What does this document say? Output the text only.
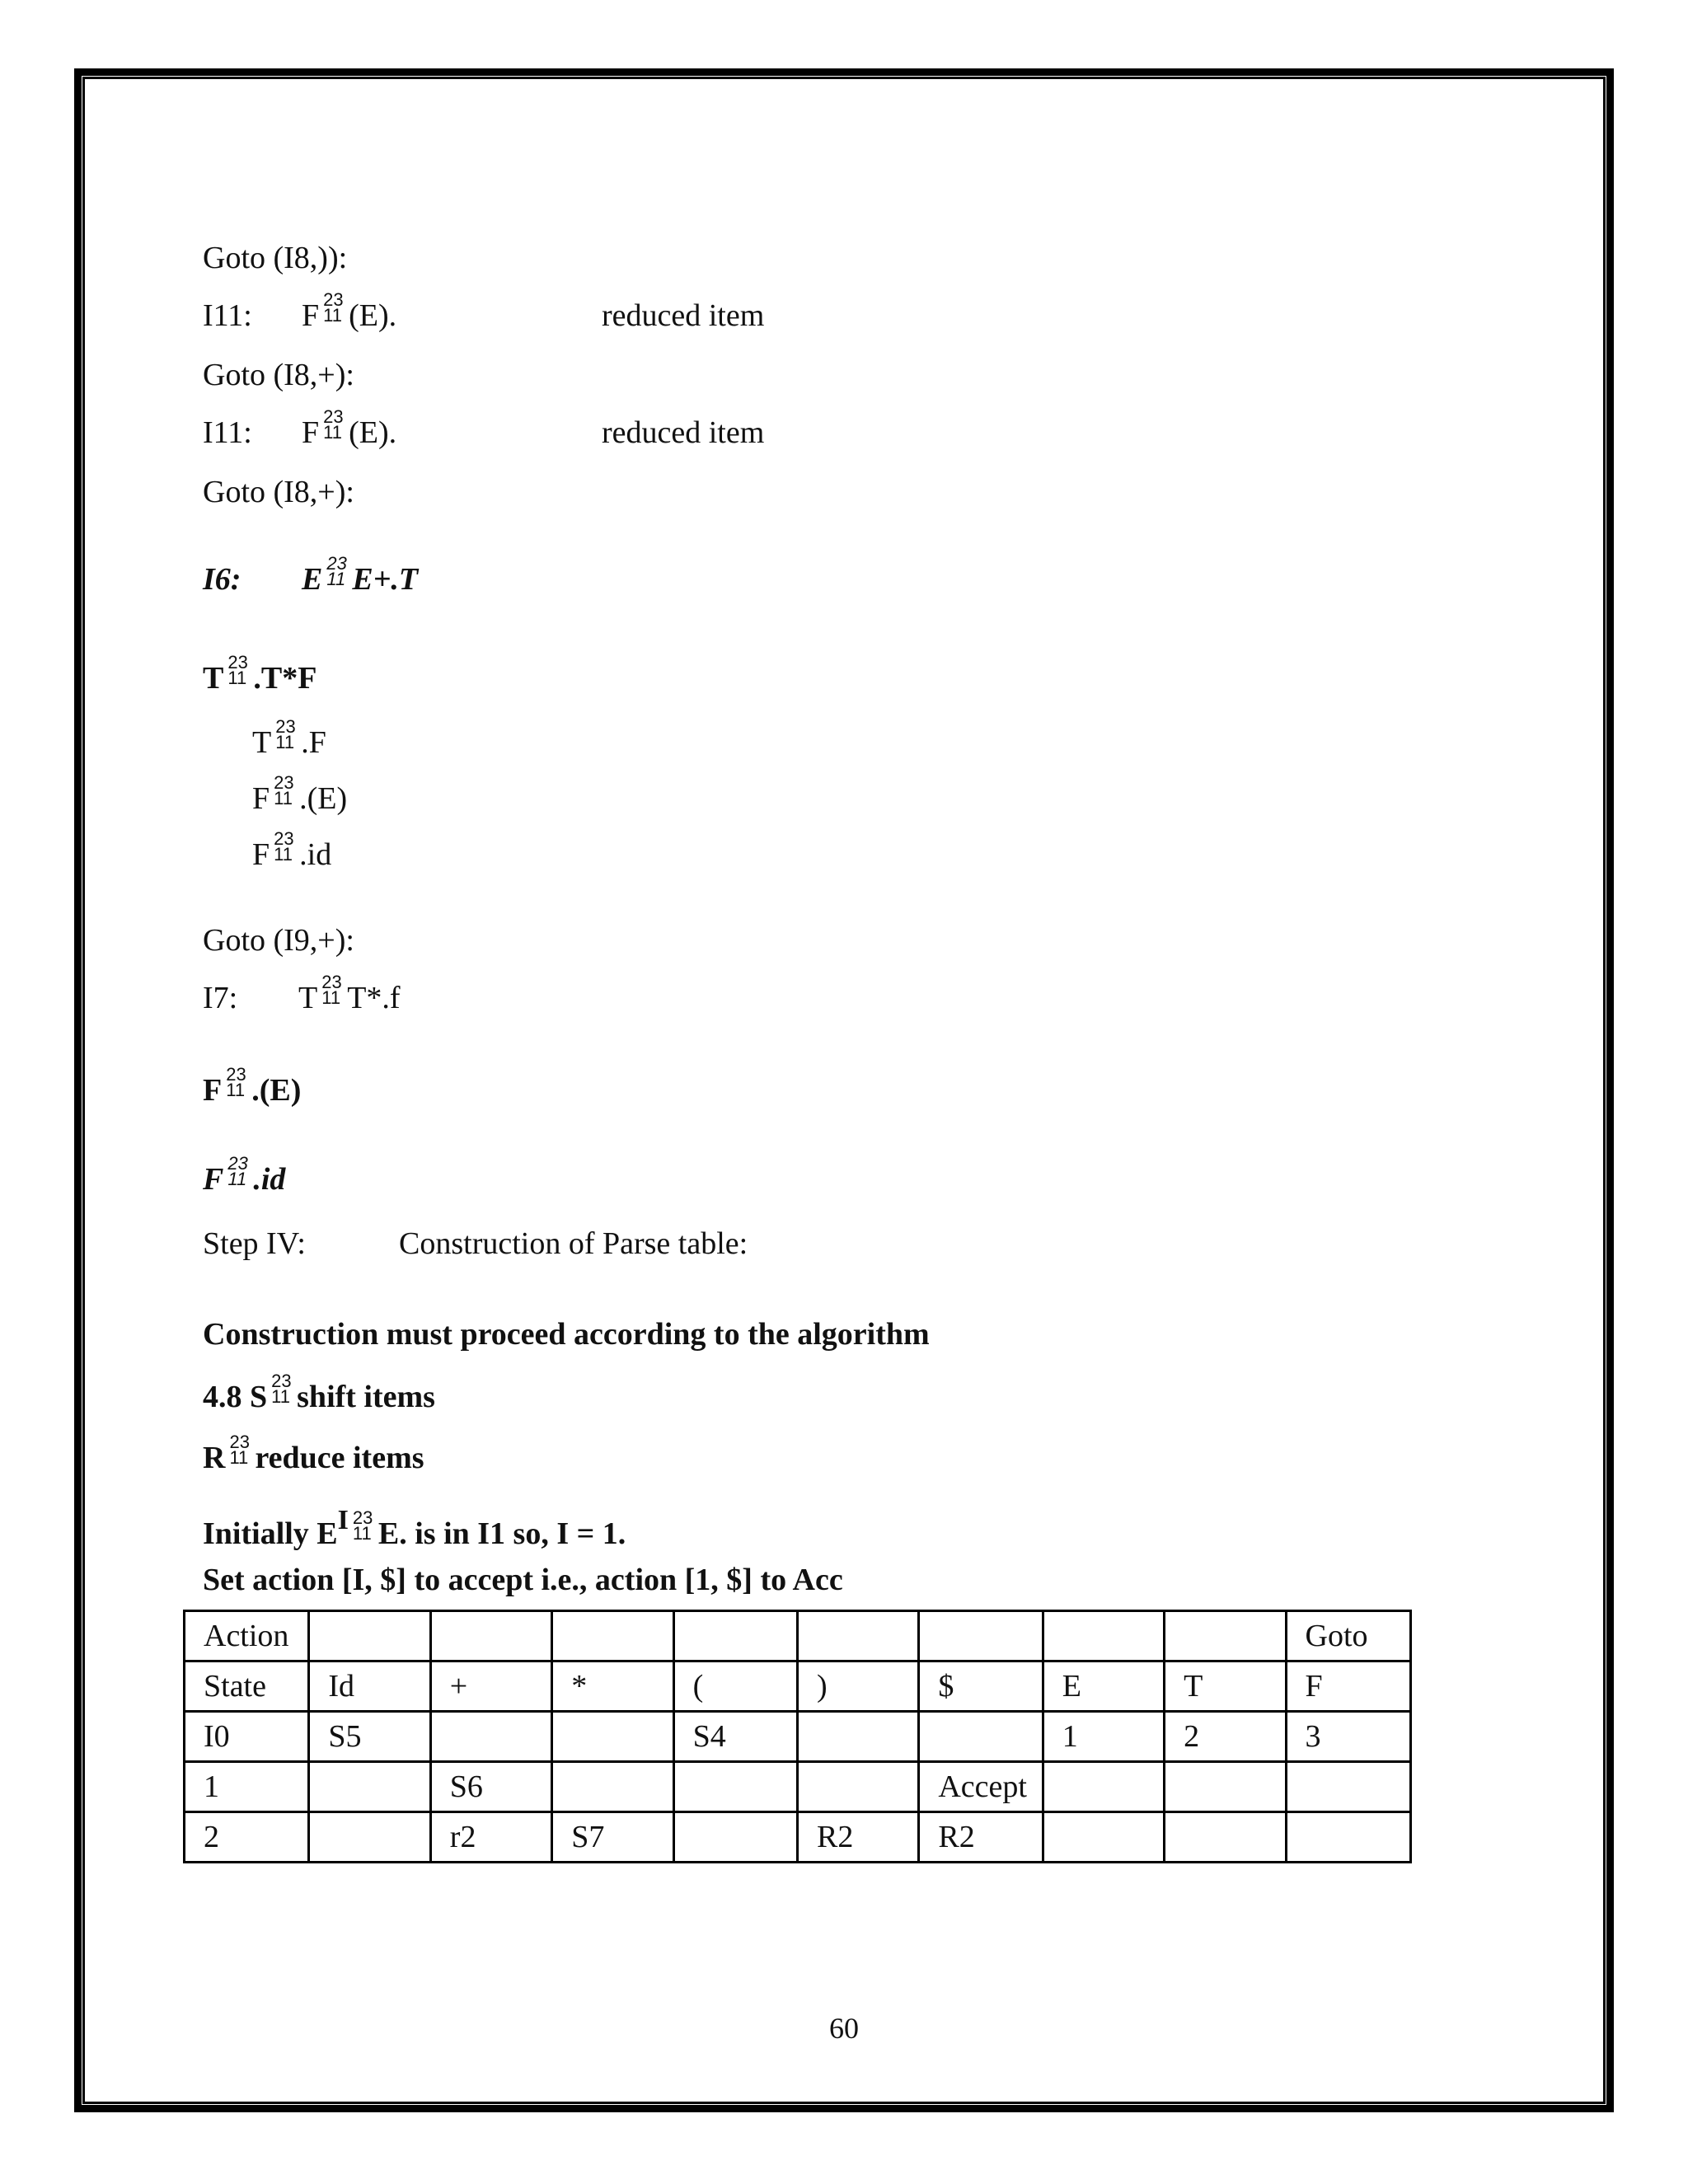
Goto (I8,)):
I11: F 23
11 (E).	reduced item
Goto (I8,+):
I11: F 23
11 (E).	reduced item
Goto (I8,+):
I6: E 23
11 E+.T
T 23
11 .T*F
T 23
11 .F
F 23
11 .(E)
F 23
11 .id
Goto (I9,+):
I7: T 23
11 T*.f
F 23
11 .(E)
F 23
11 .id
Step IV:	Construction of Parse table:
Construction must proceed according to the algorithm
4.8 S 23
11 shift items
R 23
11 reduce items
Initially EI 23
11 E. is in I1 so, I = 1.
Set action [I, $] to accept i.e., action [1, $] to Acc
Action									Goto
State	Id	+	*	(	)	$	E	T	F
I0	S5			S4			1	2	3
1		S6				Accept			
2		r2	S7		R2	R2			
60
